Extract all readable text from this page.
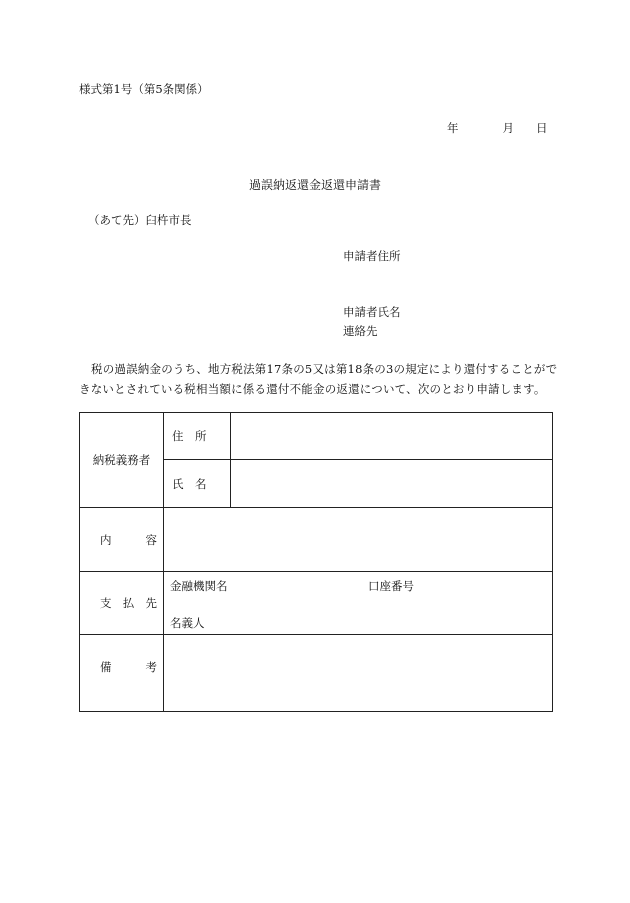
様式第1号（第5条関係）
年	月 日
過誤納返還金返還申請書
（あて先）臼杵市長
申請者住所
申請者氏名
連絡先
税の過誤納金のうち、地方税法第17条の5又は第18条の3の規定により還付することができないとされている税相当額に係る還付不能金の返還について、次のとおり申請します。
納税義務者	住　 所	
	氏　 名	

内 容		

支 払 先	金融機関名 口座番号
名義人	

備 考		
